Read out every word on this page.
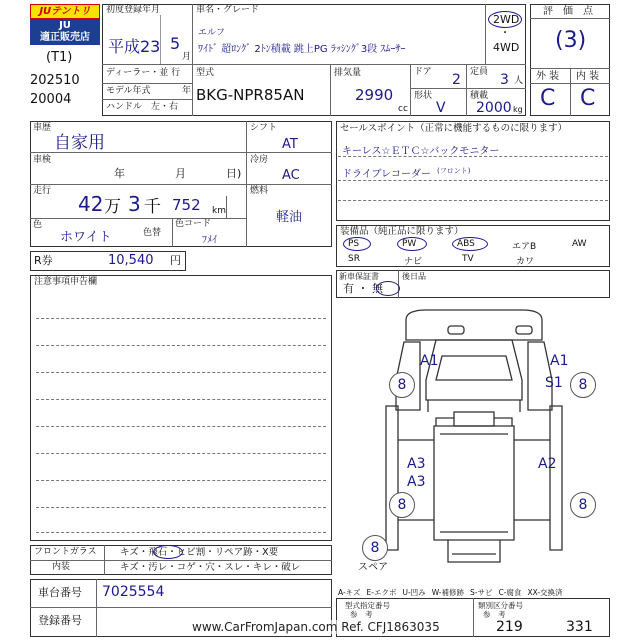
JUテントリ
JU
適正販売店
(T1)
202510
20004
初度登録年月
平成23 5
月
車名・グレード
エルフ
ﾜｲﾄﾞ 超ﾛﾝｸﾞ 2ﾄﾝ積載 跳上PG ﾗｯｼﾝｸﾞ3段 ｽﾑｰｻｰ
2WD
・
4WD
ディーラー・並 行
モデル年式	年
ハンドル　左・右
型式
BKG-NPR85AN
排気量
2990
cc
ドア 2 定員 3 人
形状
V
積載
2000 kg
評　価　点
(3)
外 装 内 装
C C
車歴
自家用
車検
年	月	日)
走行
42 万 3 千 752 km
色
ホワイト	色替
色コード
ﾌﾒｲ
シフト
AT
冷房
AC
燃料
軽油
R券	10,540 円
注意事項申告欄
セールスポイント（正常に機能するものに限ります）
キーレス☆ＥＴＣ☆バックモニター
ドライブレコーダー (フロント)
装備品（純正品に限ります）
PS	PW	ABS	エアB	AW
SR	ナビ	TV	カワ
新車保証書
有 ・ 無
後日品
A1	A1
S1
A3
A3
A2
8	8
8	8
8
スペア
フロントガラス キズ・飛石・ヒビ割・リペア跡・X要
内装	キズ・汚レ・コゲ・穴・スレ・キレ・破レ
車台番号 7025554
登録番号
A-キズ E-エクボ U-凹み W-補修跡 S-サビ C-腐食 XX-交換済
型式指定番号
参　考
類別区分番号
参　考
219	331
www.CarFromJapan.com Ref. CFJ1863035
